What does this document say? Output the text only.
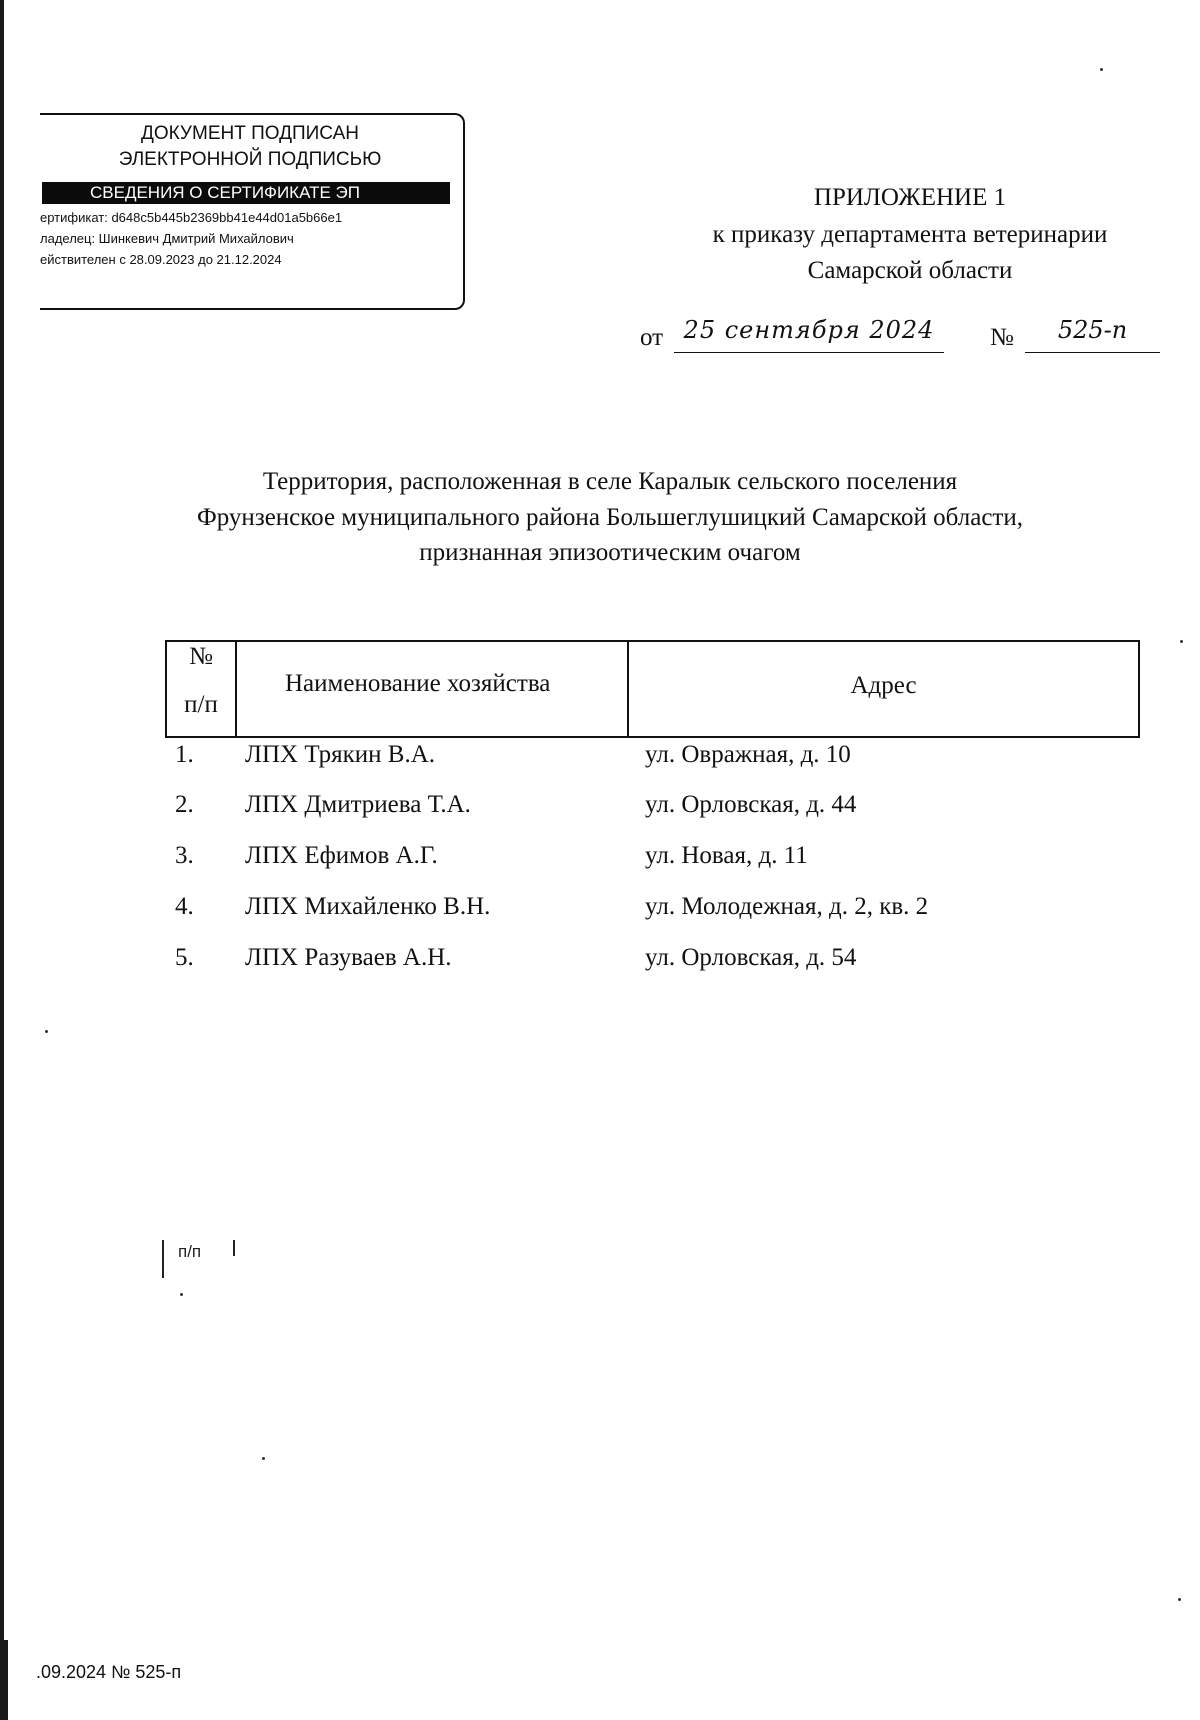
ДОКУМЕНТ ПОДПИСАН
ЭЛЕКТРОННОЙ ПОДПИСЬЮ
СВЕДЕНИЯ О СЕРТИФИКАТЕ ЭП
ертификат: d648c5b445b2369bb41e44d01a5b66e1
ладелец: Шинкевич Дмитрий Михайлович
ействителен с 28.09.2023 до 21.12.2024
ПРИЛОЖЕНИЕ 1
к приказу департамента ветеринарии
Самарской области
от 25 сентября 2024	№	525-п
Территория, расположенная в селе Каралык сельского поселения
Фрунзенское муниципального района Большеглушицкий Самарской области,
признанная эпизоотическим очагом
№
п/п
Наименование хозяйства	Адрес
1.	ЛПХ Трякин В.А.	ул. Овражная, д. 10
2.	ЛПХ Дмитриева Т.А.	ул. Орловская, д. 44
3.	ЛПХ Ефимов А.Г.	ул. Новая, д. 11
4.	ЛПХ Михайленко В.Н.	ул. Молодежная, д. 2, кв. 2
5.	ЛПХ Разуваев А.Н.	ул. Орловская, д. 54
п/п
.09.2024 № 525-п
